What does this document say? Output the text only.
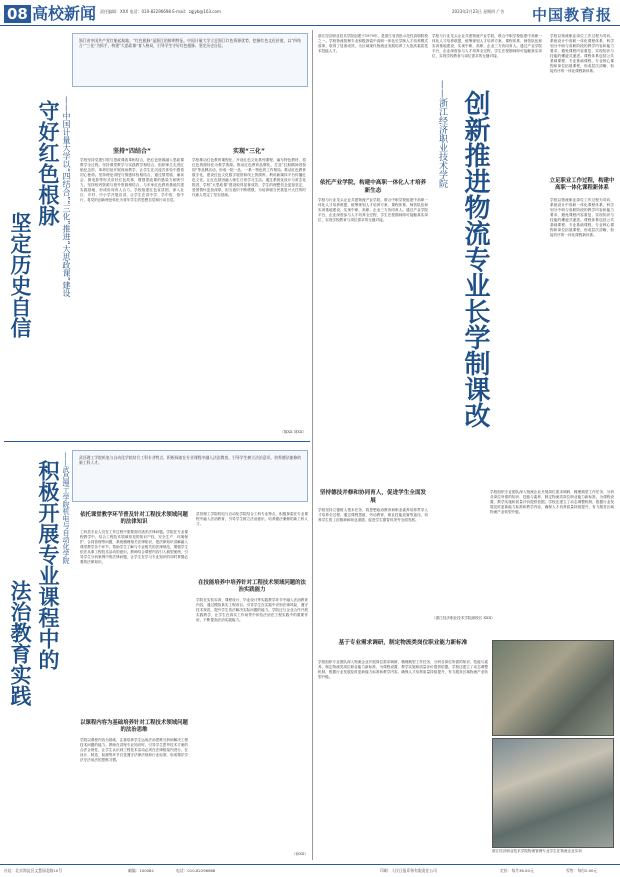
08 高校新闻 责任编辑：XXX 电话：010-82296698 E-mail：zgjyb@163.com	2023年2月23日 星期四 广告	中国教育报
浙江省中国共产党红船起航地、“红色根脉”是浙江的鲜明特征。中国计量大学立足浙江红色资源优势，挖掘红色文化价值，以“四结合”“三化”为抓手，构建“大思政课”育人格局，引导学生守好红色根脉、坚定历史自信。
守好红色根脉
坚定历史自信	——中国计量大学以“四结合”“三化”推进“大思政课”建设	坚持“四结合”
学校坚持党建引领与思政课改革相结合，把红色资源融入思政课教学全过程。坚持课堂教学与实践教学相结合，组织师生走进红船纪念馆、革命旧址开展现场教学，让学生在沉浸式体验中感悟初心使命。坚持理论讲授与情感体验相结合，通过情景剧、诵读会、微电影等形式讲好红色故事，增强思政课的感染力和吸引力。坚持校内资源与校外资源相结合，与多家红色教育基地共建实践基地，形成协同育人合力。学校组建红色宣讲团，深入社区、乡村、中小学开展宣讲，让学生在讲中学、学中悟、悟中行，将党的创新理论转化为青年学生的思想自觉和行动自觉。
实现“三化”
学校推动红色教育课程化，开设红色文化系列课程，编写特色教材，将红色资源转化为教学资源。推动红色教育品牌化，打造“红船精神进校园”等品牌活动，形成一院一品、一系一特色的工作格局。推动红色教育数字化，建设红色文化数字展馆和线上资源库，利用新媒体平台传播红色文化，让红色基因融入师生日常学习生活。通过系统化设计与常态化推进，学校“大思政课”建设取得显著成效，学生的理想信念更加坚定，爱国情怀更加深厚，担当意识不断增强，为培养堪当民族复兴大任的时代新人奠定了坚实基础。
（陈XX 刘XX）
武昌理工学院机电与自动化学院结合工科专业特点，积极探索在专业课程中融入法治教育，引导学生树立法治意识，培养德法兼修的新工科人才。
积极开展专业课程中的
法治教育实践
——武昌理工学院机电与自动化学院 依托课堂教学环节普及针对工程技术领域问题的法律知识
工科类专业人员在工作过程中需要面对诸多法律问题。学院在专业课程教学中，结合工程技术领域常见的知识产权、安全生产、环境保护、合同管理等问题，系统梳理相关法律知识，把法律知识讲解融入课堂教学各个环节，帮助学生了解与专业相关的法律规范，增强学生依法从事工程技术活动的意识。教师结合课程内容引入典型案例，引导学生分析案例中的法律问题，让学生在学习专业知识的同时掌握必要的法律知识。
以课程内容为基础培养针对工程技术领域问题的法治思维
学院以课程内容为基础，注重培养学生运用法治思维分析和解决工程技术问题的能力。教师在讲授专业知识时，引导学生思考技术方案的合法合规性，让学生认识到工程技术活动必须在法律框架内进行，在设计、制造、检测等环节自觉遵守法律法规和行业标准，形成尊法学法守法用法的思维习惯。
在技能培养中培养针对工程技术领域问题的法治实践能力
武昌理工学院机电与自动化学院结合工科专业特点，积极探索在专业课程中融入法治教育，引导学生树立法治意识，培养德法兼修的新工科人才。
学院在实验实训、课程设计、毕业设计等实践教学环节中融入法治教育内容，通过模拟真实工程项目，引导学生在实践中识别法律风险、遵守技术规范，提升学生依法解决实际问题的能力。学院还与企业合作开展实践教学，让学生在真实工作场景中体验法治在工程实践中的重要作用，不断提高法治实践能力。
（孙XX）
浙江经济职业技术学院创建于1979年，是浙江省首批示范性高职院校之一。学校物流管理专业积极探索中高职一体化长学制人才培养模式改革，取得了显著成效，为区域现代物流业发展培养了大批高素质技术技能人才。
创新推进物流专业长学制课改
——浙江经济职业技术学院
依托产业学院，构建中高职一体化人才培养新生态
学校与行业龙头企业共建物流产业学院，联合中职学校组建中高职一体化人才培养联盟，统筹规划人才培养方案、课程体系、师资队伍和实训基地建设，实现中职、高职、企业三方协同育人。通过产业学院平台，企业深度参与人才培养全过程，学生在校期间即可接触真实岗位，实现学校教育与岗位需求的无缝对接。
坚持德技并修和协同育人，促进学生全面发展
学校坚持立德树人根本任务，将思想政治教育和职业素养培养贯穿人才培养全过程。通过课程思政、劳动教育、职业技能竞赛等途径，培养学生的工匠精神和职业道德，促进学生德智体美劳全面发展。
学校与行业龙头企业共建物流产业学院，联合中职学校组建中高职一体化人才培养联盟，统筹规划人才培养方案、课程体系、师资队伍和实训基地建设，实现中职、高职、企业三方协同育人。通过产业学院平台，企业深度参与人才培养全过程，学生在校期间即可接触真实岗位，实现学校教育与岗位需求的无缝对接。
学校以物流职业岗位工作过程为导向，系统设计中高职一体化课程体系，科学划分中职与高职阶段的教学内容和能力要求，避免课程内容重复，实现知识与技能的螺旋式递进。课程体系包括公共基础课程、专业基础课程、专业核心课程和岗位拓展课程，形成层次清晰、衔接有序的一体化课程新体系。
立足职业工作过程，构建中高职一体化课程新体系
学校以物流职业岗位工作过程为导向，系统设计中高职一体化课程体系，科学划分中职与高职阶段的教学内容和能力要求，避免课程内容重复，实现知识与技能的螺旋式递进。课程体系包括公共基础课程、专业基础课程、专业核心课程和岗位拓展课程，形成层次清晰、衔接有序的一体化课程新体系。
学校组织专业团队深入物流企业开展岗位需求调研，梳理典型工作任务，分析各岗位所需的知识、技能与素养，制定物流类岗位职业能力新标准，为课程设置、教学实施和质量评价提供依据。学校还建立了动态调整机制，根据行业发展及时更新能力标准和教学内容，确保人才培养质量持续提升，有力服务区域物流产业转型升级。
（浙江经济职业技术学院副校长 XXX）
基于专业需求调研，制定物流类岗位职业能力新标准
学校组织专业团队深入物流企业开展岗位需求调研，梳理典型工作任务，分析各岗位所需的知识、技能与素养，制定物流类岗位职业能力新标准，为课程设置、教学实施和质量评价提供依据。学校还建立了动态调整机制，根据行业发展及时更新能力标准和教学内容，确保人才培养质量持续提升，有力服务区域物流产业转型升级。
浙江经济职业技术学院物流管理专业学生在物流企业实训
社址：北京海淀区文慧园北路10号	邮编：100082	电话：010-82296688	印刷：人民日报印务有限责任公司	定价：每月36.00元	零售：每份2.00元
